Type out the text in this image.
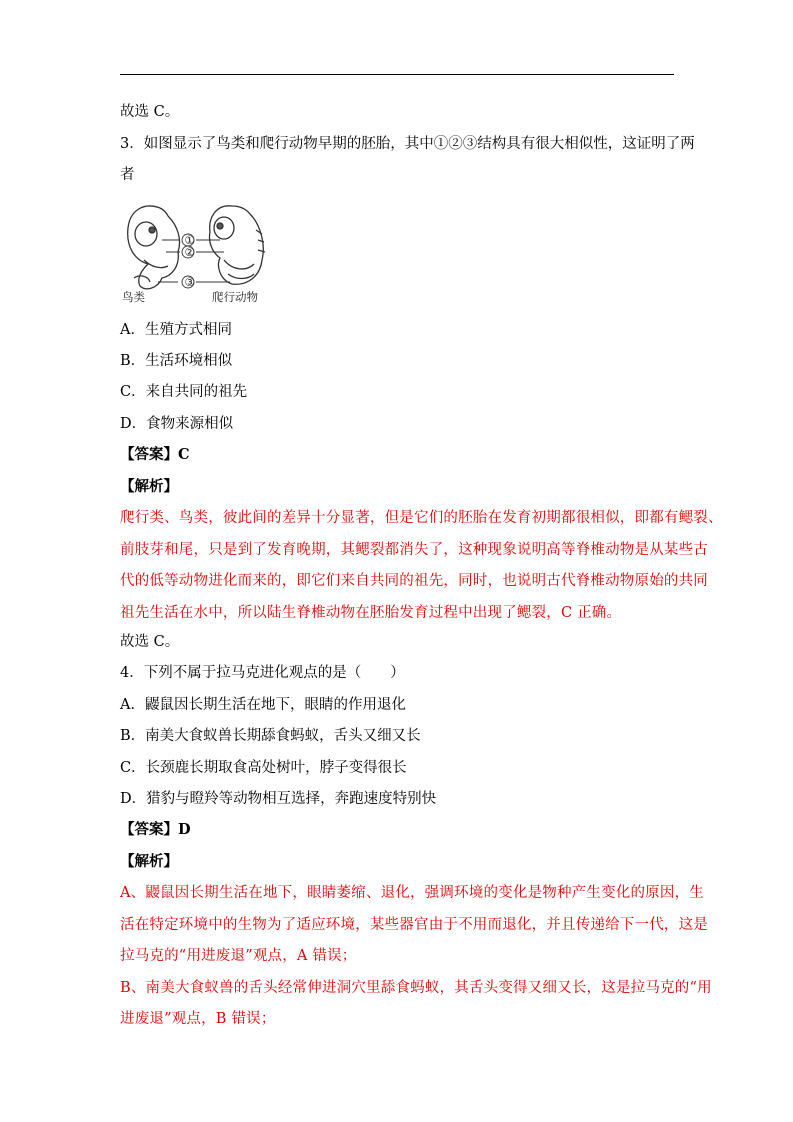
故选 C。
3．如图显示了鸟类和爬行动物早期的胚胎，其中①②③结构具有很大相似性，这证明了两
者
①
②
③
鸟类	爬行动物
A．生殖方式相同
B．生活环境相似
C．来自共同的祖先
D．食物来源相似
【答案】C
【解析】
爬行类、鸟类，彼此间的差异十分显著，但是它们的胚胎在发育初期都很相似，即都有鳃裂、
前肢芽和尾，只是到了发育晚期，其鳃裂都消失了，这种现象说明高等脊椎动物是从某些古
代的低等动物进化而来的，即它们来自共同的祖先，同时，也说明古代脊椎动物原始的共同
祖先生活在水中，所以陆生脊椎动物在胚胎发育过程中出现了鳃裂，C 正确。
故选 C。
4．下列不属于拉马克进化观点的是（　　）
A．鼹鼠因长期生活在地下，眼睛的作用退化
B．南美大食蚁兽长期舔食蚂蚁，舌头又细又长
C．长颈鹿长期取食高处树叶，脖子变得很长
D．猎豹与瞪羚等动物相互选择，奔跑速度特别快
【答案】D
【解析】
A、鼹鼠因长期生活在地下，眼睛萎缩、退化，强调环境的变化是物种产生变化的原因，生
活在特定环境中的生物为了适应环境，某些器官由于不用而退化，并且传递给下一代，这是
拉马克的“用进废退”观点，A 错误；
B、南美大食蚁兽的舌头经常伸进洞穴里舔食蚂蚁，其舌头变得又细又长，这是拉马克的“用
进废退”观点，B 错误；
